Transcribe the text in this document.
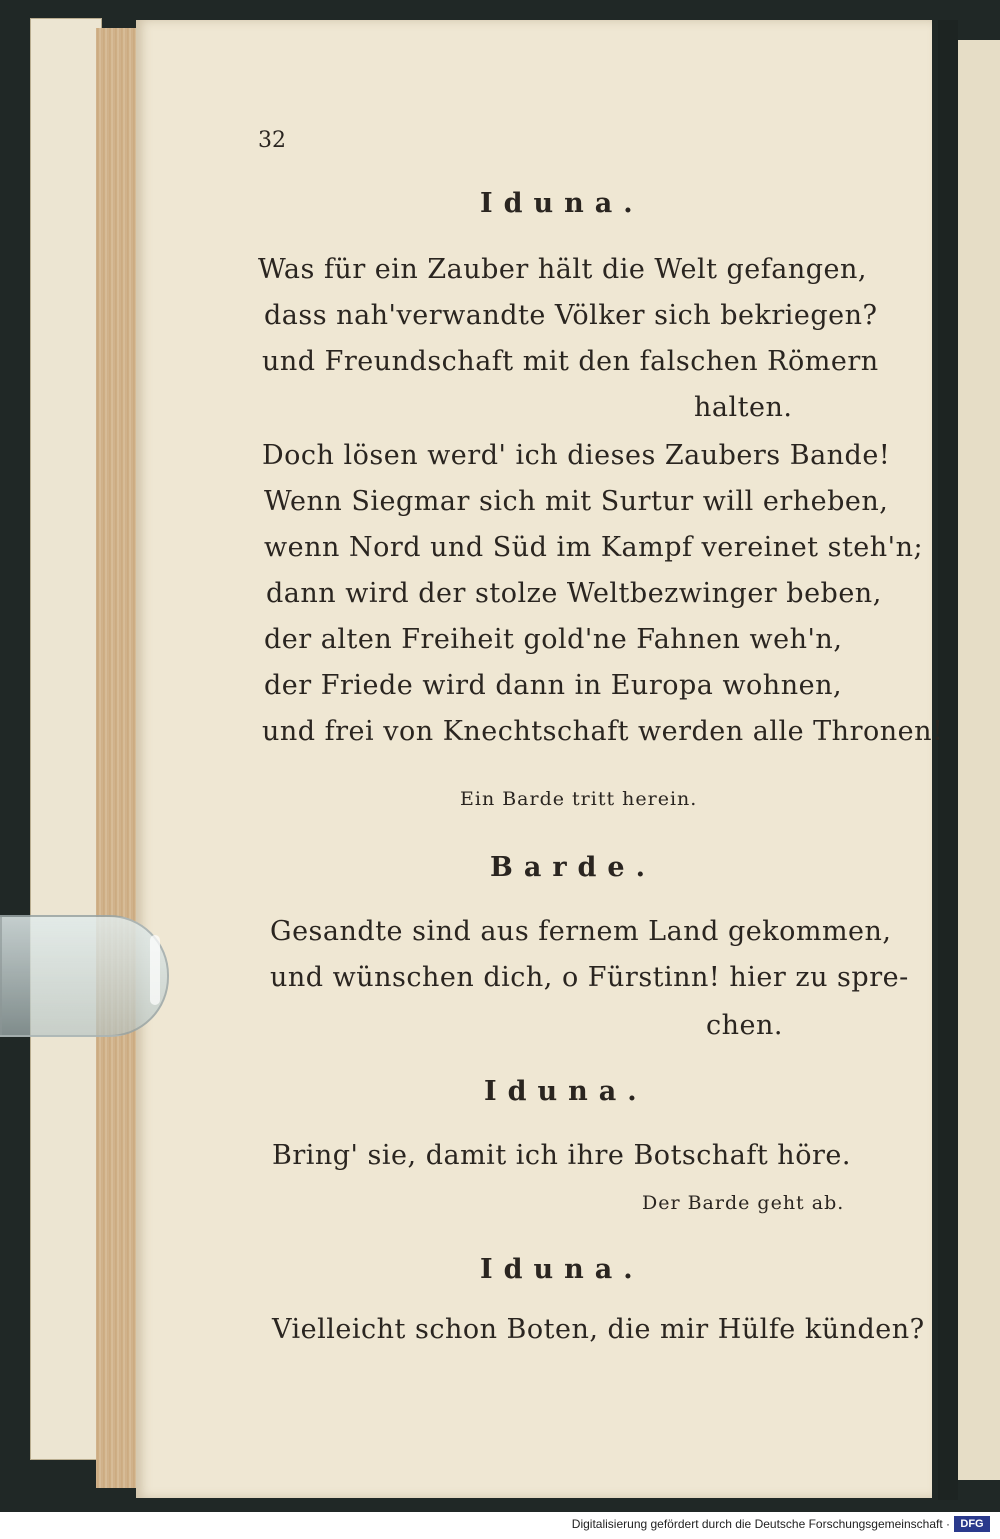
32
Iduna.
Was für ein Zauber hält die Welt gefangen,
dass nah'verwandte Völker sich bekriegen?
und Freundschaft mit den falschen Römern
halten.
Doch lösen werd' ich dieses Zaubers Bande!
Wenn Siegmar sich mit Surtur will erheben,
wenn Nord und Süd im Kampf vereinet steh'n;
dann wird der stolze Weltbezwinger beben,
der alten Freiheit gold'ne Fahnen weh'n,
der Friede wird dann in Europa wohnen,
und frei von Knechtschaft werden alle Thronen!
Ein Barde tritt herein.
Barde.
Gesandte sind aus fernem Land gekommen,
und wünschen dich, o Fürstinn! hier zu spre-
chen.
Iduna.
Bring' sie, damit ich ihre Botschaft höre.
Der Barde geht ab.
Iduna.
Vielleicht schon Boten, die mir Hülfe künden?
Digitalisierung gefördert durch die Deutsche Forschungsgemeinschaft · DFG
